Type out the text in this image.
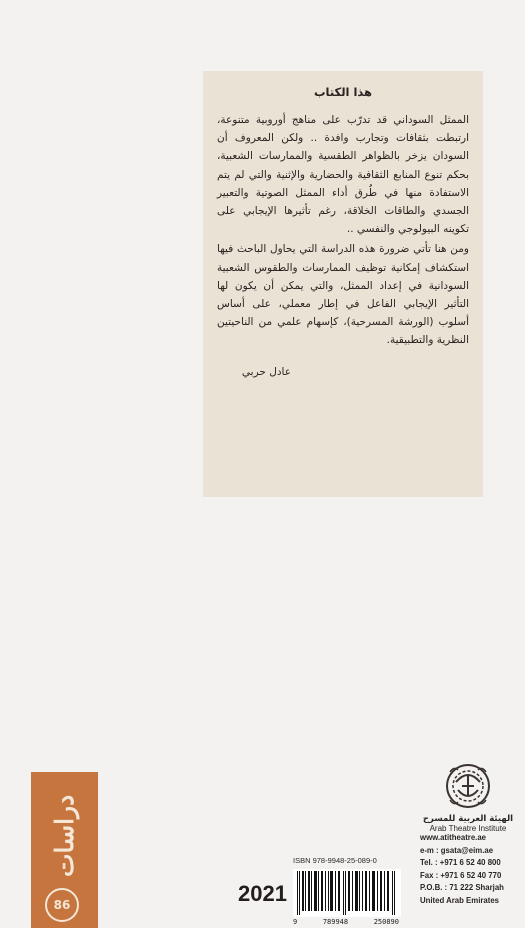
هذا الكتاب

الممثل السوداني قد تدرّب على مناهج أوروبية متنوعة، ارتبطت بثقافات وتجارب وافدة .. ولكن المعروف أن السودان يزخر بالظواهر الطقسية والممارسات الشعبية، بحكم تنوع المنابع الثقافية والحضارية والإثنية والتي لم يتم الاستفادة منها في طُرق أداء الممثل الصوتية والتعبير الجسدي والطاقات الخلاقة، رغم تأثيرها الإيجابي على تكوينه البيولوجي والنفسي ..

ومن هنا تأتي ضرورة هذه الدراسة التي يحاول الباحث فيها استكشاف إمكانية توظيف الممارسات والطقوس الشعبية السودانية في إعداد الممثل، والتي يمكن أن يكون لها التأثير الإيجابي الفاعل في إطار معملي، على أساس أسلوب (الورشة المسرحية)، كإسهام علمي من الناحيتين النظرية والتطبيقية.

عادل حربي
دراسات
86	2021
ISBN 978-9948-25-089-0
9	789948	250890
الهيئة العربية للمسرح
Arab Theatre Institute
www.atitheatre.ae
e-m : gsata@eim.ae
Tel. : +971 6 52 40 800
Fax : +971 6 52 40 770
P.O.B. : 71 222 Sharjah
United Arab Emirates
